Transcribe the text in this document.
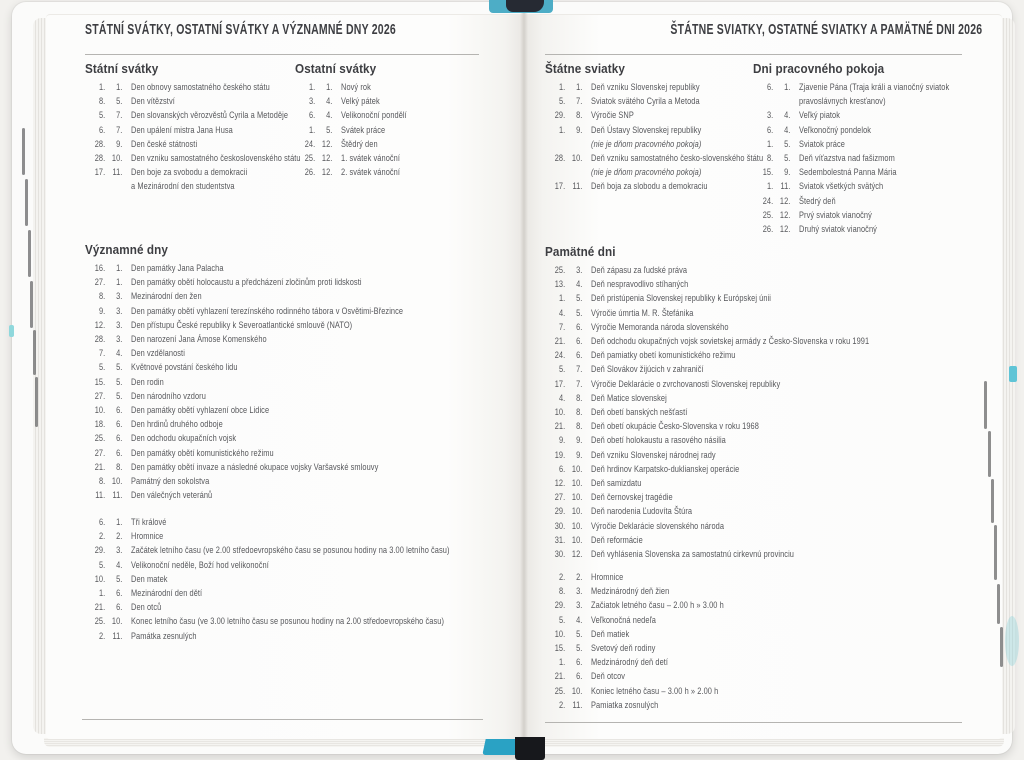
STÁTNÍ SVÁTKY, OSTATNÍ SVÁTKY A VÝZNAMNÉ DNY 2026
Státní svátky
1.	1. Den obnovy samostatného českého státu
8.	5. Den vítězství
5.	7. Den slovanských věrozvěstů Cyrila a Metoděje
6.	7. Den upálení mistra Jana Husa
28.	9. Den české státnosti
28. 10. Den vzniku samostatného československého státu
17. 11. Den boje za svobodu a demokracii
a Mezinárodní den studentstva
Ostatní svátky
1.	1. Nový rok
3.	4. Velký pátek
6.	4. Velikonoční pondělí
1.	5. Svátek práce
24. 12. Štědrý den
25. 12. 1. svátek vánoční
26. 12. 2. svátek vánoční
Významné dny
16.	1. Den památky Jana Palacha
27.	1. Den památky obětí holocaustu a předcházení zločinům proti lidskosti
8.	3. Mezinárodní den žen
9.	3. Den památky obětí vyhlazení terezínského rodinného tábora v Osvětimi-Březince
12.	3. Den přístupu České republiky k Severoatlantické smlouvě (NATO)
28.	3. Den narození Jana Ámose Komenského
7.	4. Den vzdělanosti
5.	5. Květnové povstání českého lidu
15.	5. Den rodin
27.	5. Den národního vzdoru
10.	6. Den památky obětí vyhlazení obce Lidice
18.	6. Den hrdinů druhého odboje
25.	6. Den odchodu okupačních vojsk
27.	6. Den památky obětí komunistického režimu
21.	8. Den památky obětí invaze a následné okupace vojsky Varšavské smlouvy
8. 10. Památný den sokolstva
11. 11. Den válečných veteránů
6.	1. Tři králové
2.	2. Hromnice
29.	3. Začátek letního času (ve 2.00 středoevropského času se posunou hodiny na 3.00 letního času)
5.	4. Velikonoční neděle, Boží hod velikonoční
10.	5. Den matek
1.	6. Mezinárodní den dětí
21.	6. Den otců
25. 10. Konec letního času (ve 3.00 letního času se posunou hodiny na 2.00 středoevropského času)
2. 11. Památka zesnulých
ŠTÁTNE SVIATKY, OSTATNÉ SVIATKY A PAMÄTNÉ DNI 2026
Štátne sviatky
1.	1. Deň vzniku Slovenskej republiky
5.	7. Sviatok svätého Cyrila a Metoda
29.	8. Výročie SNP
1.	9. Deň Ústavy Slovenskej republiky
(nie je dňom pracovného pokoja)
28. 10. Deň vzniku samostatného česko-slovenského štátu
(nie je dňom pracovného pokoja)
17. 11. Deň boja za slobodu a demokraciu
Dni pracovného pokoja
6.	1. Zjavenie Pána (Traja králi a vianočný sviatok
pravoslávnych kresťanov)
3.	4. Veľký piatok
6.	4. Veľkonočný pondelok
1.	5. Sviatok práce
8.	5. Deň víťazstva nad fašizmom
15.	9. Sedembolestná Panna Mária
1. 11. Sviatok všetkých svätých
24. 12. Štedrý deň
25. 12. Prvý sviatok vianočný
26. 12. Druhý sviatok vianočný
Pamätné dni
25.	3. Deň zápasu za ľudské práva
13.	4. Deň nespravodlivo stíhaných
1.	5. Deň pristúpenia Slovenskej republiky k Európskej únii
4.	5. Výročie úmrtia M. R. Štefánika
7.	6. Výročie Memoranda národa slovenského
21.	6. Deň odchodu okupačných vojsk sovietskej armády z Česko-Slovenska v roku 1991
24.	6. Deň pamiatky obetí komunistického režimu
5.	7. Deň Slovákov žijúcich v zahraničí
17.	7. Výročie Deklarácie o zvrchovanosti Slovenskej republiky
4.	8. Deň Matice slovenskej
10.	8. Deň obetí banských nešťastí
21.	8. Deň obetí okupácie Česko-Slovenska v roku 1968
9.	9. Deň obetí holokaustu a rasového násilia
19.	9. Deň vzniku Slovenskej národnej rady
6. 10. Deň hrdinov Karpatsko-duklianskej operácie
12. 10. Deň samizdatu
27. 10. Deň černovskej tragédie
29. 10. Deň narodenia Ľudovíta Štúra
30. 10. Výročie Deklarácie slovenského národa
31. 10. Deň reformácie
30. 12. Deň vyhlásenia Slovenska za samostatnú cirkevnú provinciu
2.	2. Hromnice
8.	3. Medzinárodný deň žien
29.	3. Začiatok letného času – 2.00 h » 3.00 h
5.	4. Veľkonočná nedeľa
10.	5. Deň matiek
15.	5. Svetový deň rodiny
1.	6. Medzinárodný deň detí
21.	6. Deň otcov
25. 10. Koniec letného času – 3.00 h » 2.00 h
2. 11. Pamiatka zosnulých
